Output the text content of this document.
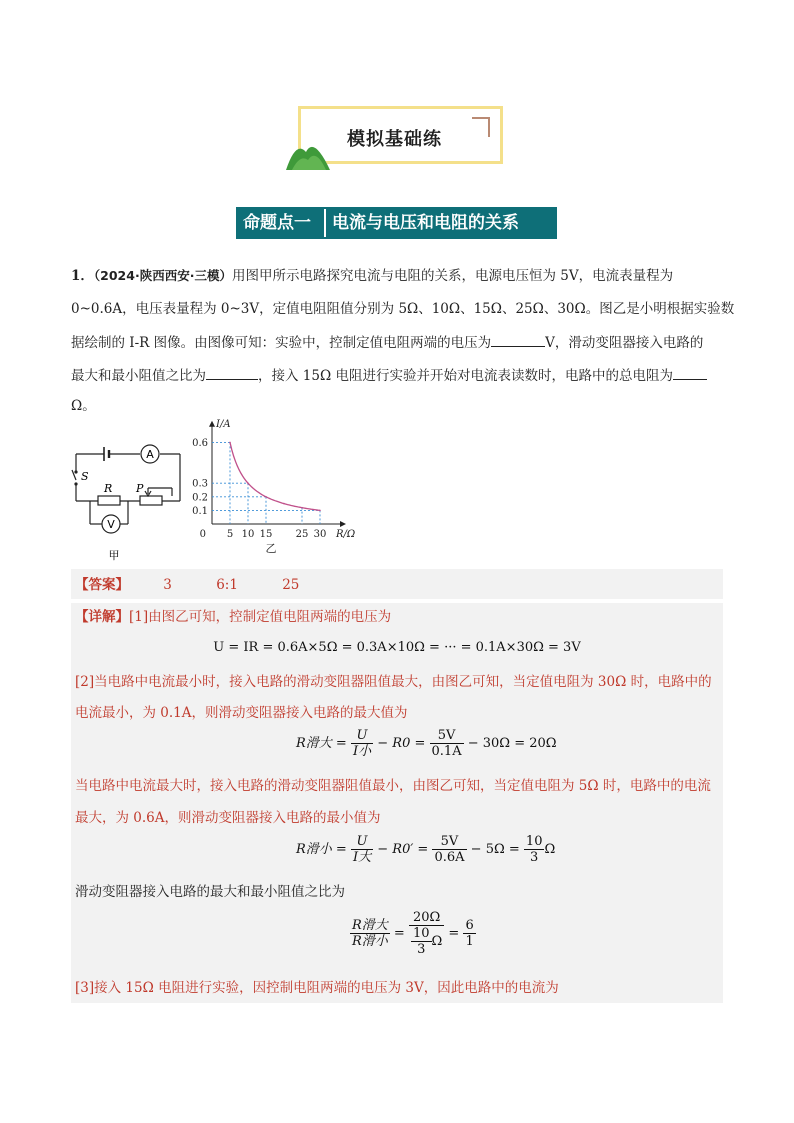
模拟基础练
命题点一	电流与电压和电阻的关系
1．（2024·陕西西安·三模）用图甲所示电路探究电流与电阻的关系，电源电压恒为 5V，电流表量程为
0~0.6A，电压表量程为 0~3V，定值电阻阻值分别为 5Ω、10Ω、15Ω、25Ω、30Ω。图乙是小明根据实验数
据绘制的 I-R 图像。由图像可知：实验中，控制定值电阻两端的电压为	V，滑动变阻器接入电路的
最大和最小阻值之比为	，接入 15Ω 电阻进行实验并开始对电流表读数时，电路中的总电阻为
Ω。
A
V
S
R P
甲
5 10 15 25 30
0.1
0.2
0.3
0.6
0
I/A
R/Ω
乙
【答案】	3	6:1	25
【详解】[1]由图乙可知，控制定值电阻两端的电压为
U = IR = 0.6A×5Ω = 0.3A×10Ω = ··· = 0.1A×30Ω = 3V
[2]当电路中电流最小时，接入电路的滑动变阻器阻值最大，由图乙可知，当定值电阻为 30Ω 时，电路中的
电流最小，为 0.1A，则滑动变阻器接入电路的最大值为
R滑大 = $\frac{U}{\text{I小}} - R0 = \frac{5V}{0.1A} - 30\Omega = 20\Omega$
当电路中电流最大时，接入电路的滑动变阻器阻值最小，由图乙可知，当定值电阻为 5Ω 时，电路中的电流
最大，为 0.6A，则滑动变阻器接入电路的最小值为
R滑小 = $\frac{U}{\text{I大}} - R0' = \frac{5V}{0.6A} - 5\Omega = \frac{10}{3}$ Ω
滑动变阻器接入电路的最大和最小阻值之比为
$\frac{\text{R滑大}}{\text{R滑小}} = \frac{20\Omega}{\frac{10}{3} \Omega} = \frac{6}{1}$
[3]接入 15Ω 电阻进行实验，因控制电阻两端的电压为 3V，因此电路中的电流为
